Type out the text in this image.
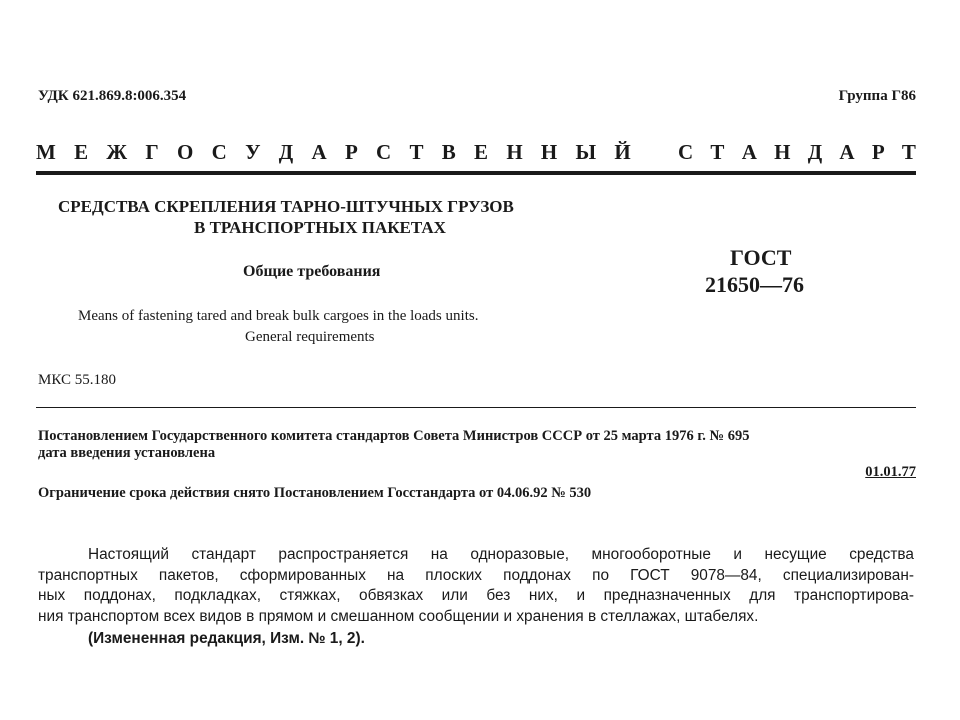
УДК 621.869.8:006.354	Группа Г86
М Е Ж Г О С У Д А Р С Т В Е Н Н Ы Й С Т А Н Д А Р Т
СРЕДСТВА СКРЕПЛЕНИЯ ТАРНО-ШТУЧНЫХ ГРУЗОВ
В ТРАНСПОРТНЫХ ПАКЕТАХ
Общие требования
ГОСТ
21650—76
Means of fastening tared and break bulk cargoes in the loads units.
General requirements
МКС 55.180
Постановлением Государственного комитета стандартов Совета Министров СССР от 25 марта 1976 г. № 695
дата введения установлена
01.01.77
Ограничение срока действия снято Постановлением Госстандарта от 04.06.92 № 530
Настоящий стандарт распространяется на одноразовые, многооборотные и несущие средства
транспортных пакетов, сформированных на плоских поддонах по ГОСТ 9078—84, специализирован-
ных поддонах, подкладках, стяжках, обвязках или без них, и предназначенных для транспортирова-
ния транспортом всех видов в прямом и смешанном сообщении и хранения в стеллажах, штабелях.
(Измененная редакция, Изм. № 1, 2).
